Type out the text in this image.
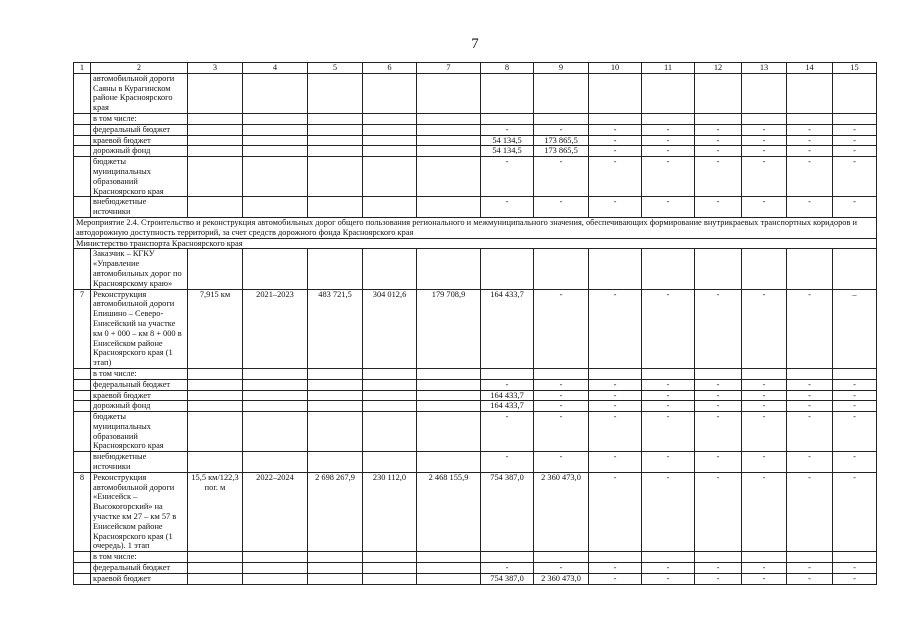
7
1	2	3	4	5	6	7	8	9	10	11	12	13	14	15
	автомобильной дороги Саяны в Курагинском районе Красноярского края													
	в том числе:													
	федеральный бюджет						-	-	-	-	-	-	-	-
	краевой бюджет						54 134,5	173 865,5	-	-	-	-	-	-
	дорожный фонд						54 134,5	173 865,5	-	-	-	-	-	-
	бюджеты муниципальных образований Красноярского края						-	-	-	-	-	-	-	-
	внебюджетные источники						-	-	-	-	-	-	-	-
Мероприятие 2.4. Строительство и реконструкция автомобильных дорог общего пользования регионального и межмуниципального значения, обеспечивающих формирование внутрикраевых транспортных коридоров и автодорожную доступность территорий, за счет средств дорожного фонда Красноярского края														
Министерство транспорта Красноярского края														
	Заказчик – КГКУ «Управление автомобильных дорог по Красноярскому краю»													
7	Реконструкция автомобильной дороги Епишино – Северо-Енисейский на участке км 0 + 000 – км 8 + 000 в Енисейском районе Красноярского края (1 этап)	7,915 км	2021–2023	483 721,5	304 012,6	179 708,9	164 433,7	-	-	-	-	-	-	–
	в том числе:													
	федеральный бюджет						-	-	-	-	-	-	-	-
	краевой бюджет						164 433,7	-	-	-	-	-	-	-
	дорожный фонд						164 433,7	-	-	-	-	-	-	-
	бюджеты муниципальных образований Красноярского края						-	-	-	-	-	-	-	-
	внебюджетные источники						-	-	-	-	-	-	-	-
8	Реконструкция автомобильной дороги «Енисейск – Высокогорский» на участке км 27 – км 57 в Енисейском районе Красноярского края (1 очередь). 1 этап	15,5 км/122,3 пог. м	2022–2024	2 698 267,9	230 112,0	2 468 155,9	754 387,0	2 360 473,0	-	-	-	-	-	-
	в том числе:													
	федеральный бюджет						-	-	-	-	-	-	-	-
	краевой бюджет						754 387,0	2 360 473,0	-	-	-	-	-	-
